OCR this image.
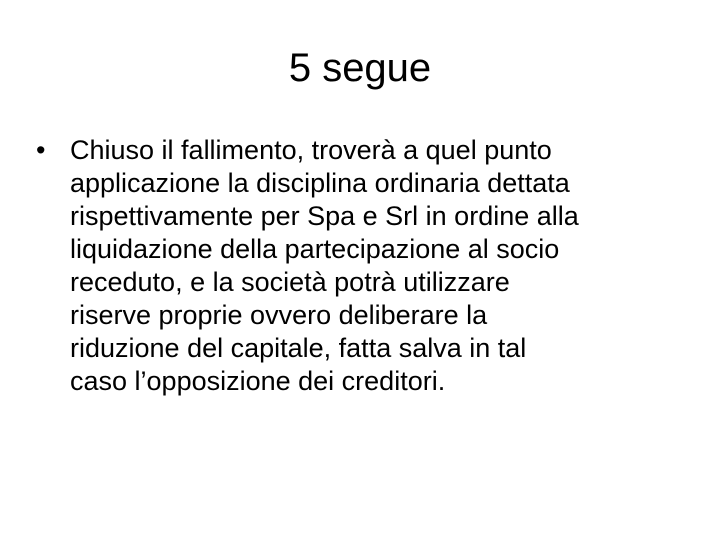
5 segue
• Chiuso il fallimento, troverà a quel punto
applicazione la disciplina ordinaria dettata
rispettivamente per Spa e Srl in ordine alla
liquidazione della partecipazione al socio
receduto, e la società potrà utilizzare
riserve proprie ovvero deliberare la
riduzione del capitale, fatta salva in tal
caso l’opposizione dei creditori.
